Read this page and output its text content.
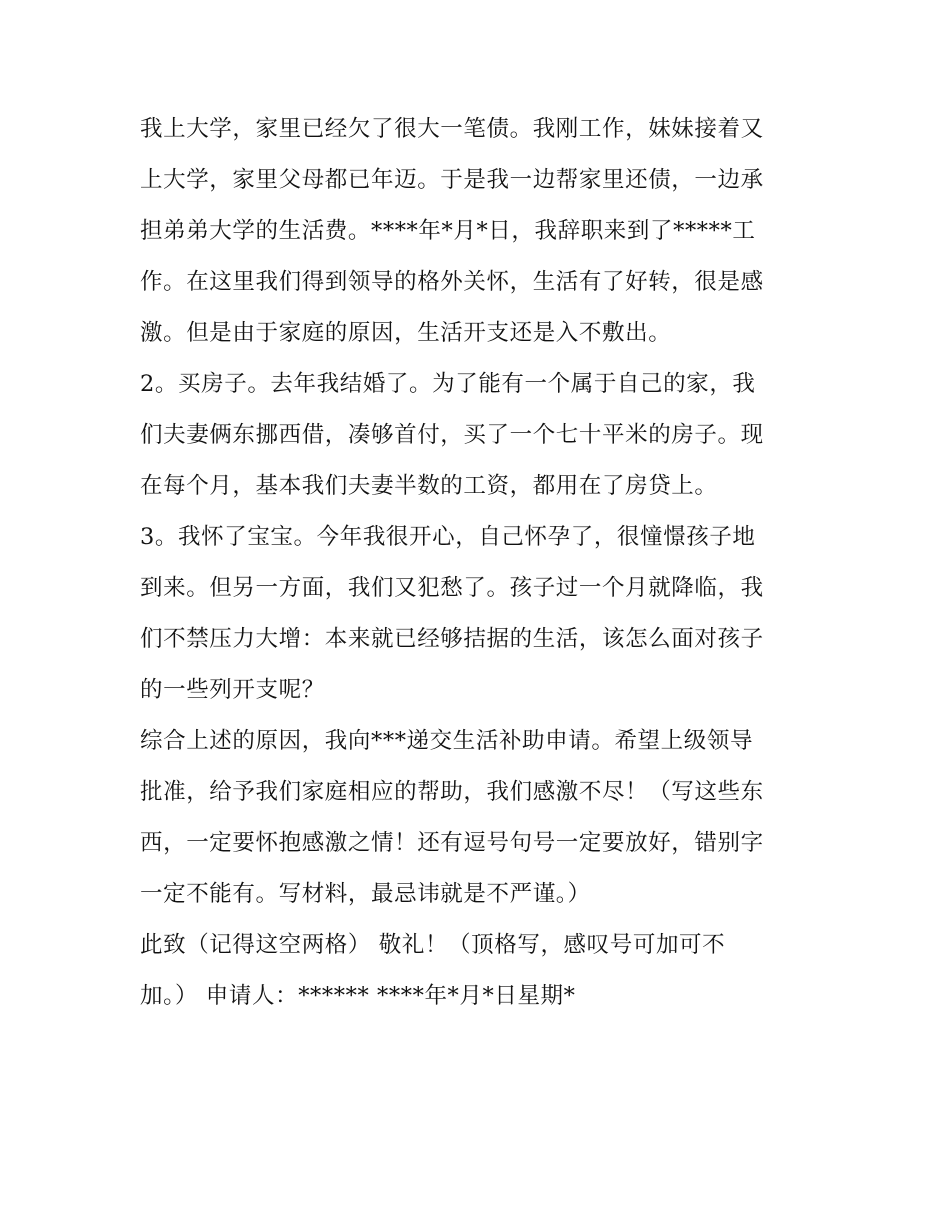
我上大学，家里已经欠了很大一笔债。我刚工作，妹妹接着又
上大学，家里父母都已年迈。于是我一边帮家里还债，一边承
担弟弟大学的生活费。****年*月*日，我辞职来到了*****工
作。在这里我们得到领导的格外关怀，生活有了好转，很是感
激。但是由于家庭的原因，生活开支还是入不敷出。
2。买房子。去年我结婚了。为了能有一个属于自己的家，我
们夫妻俩东挪西借，凑够首付，买了一个七十平米的房子。现
在每个月，基本我们夫妻半数的工资，都用在了房贷上。
3。我怀了宝宝。今年我很开心，自己怀孕了，很憧憬孩子地
到来。但另一方面，我们又犯愁了。孩子过一个月就降临，我
们不禁压力大增：本来就已经够拮据的生活，该怎么面对孩子
的一些列开支呢？
综合上述的原因，我向***递交生活补助申请。希望上级领导
批准，给予我们家庭相应的帮助，我们感激不尽！（写这些东
西，一定要怀抱感激之情！还有逗号句号一定要放好，错别字
一定不能有。写材料，最忌讳就是不严谨。）
此致（记得这空两格） 敬礼！（顶格写，感叹号可加可不
加。） 申请人：****** ****年*月*日星期*
